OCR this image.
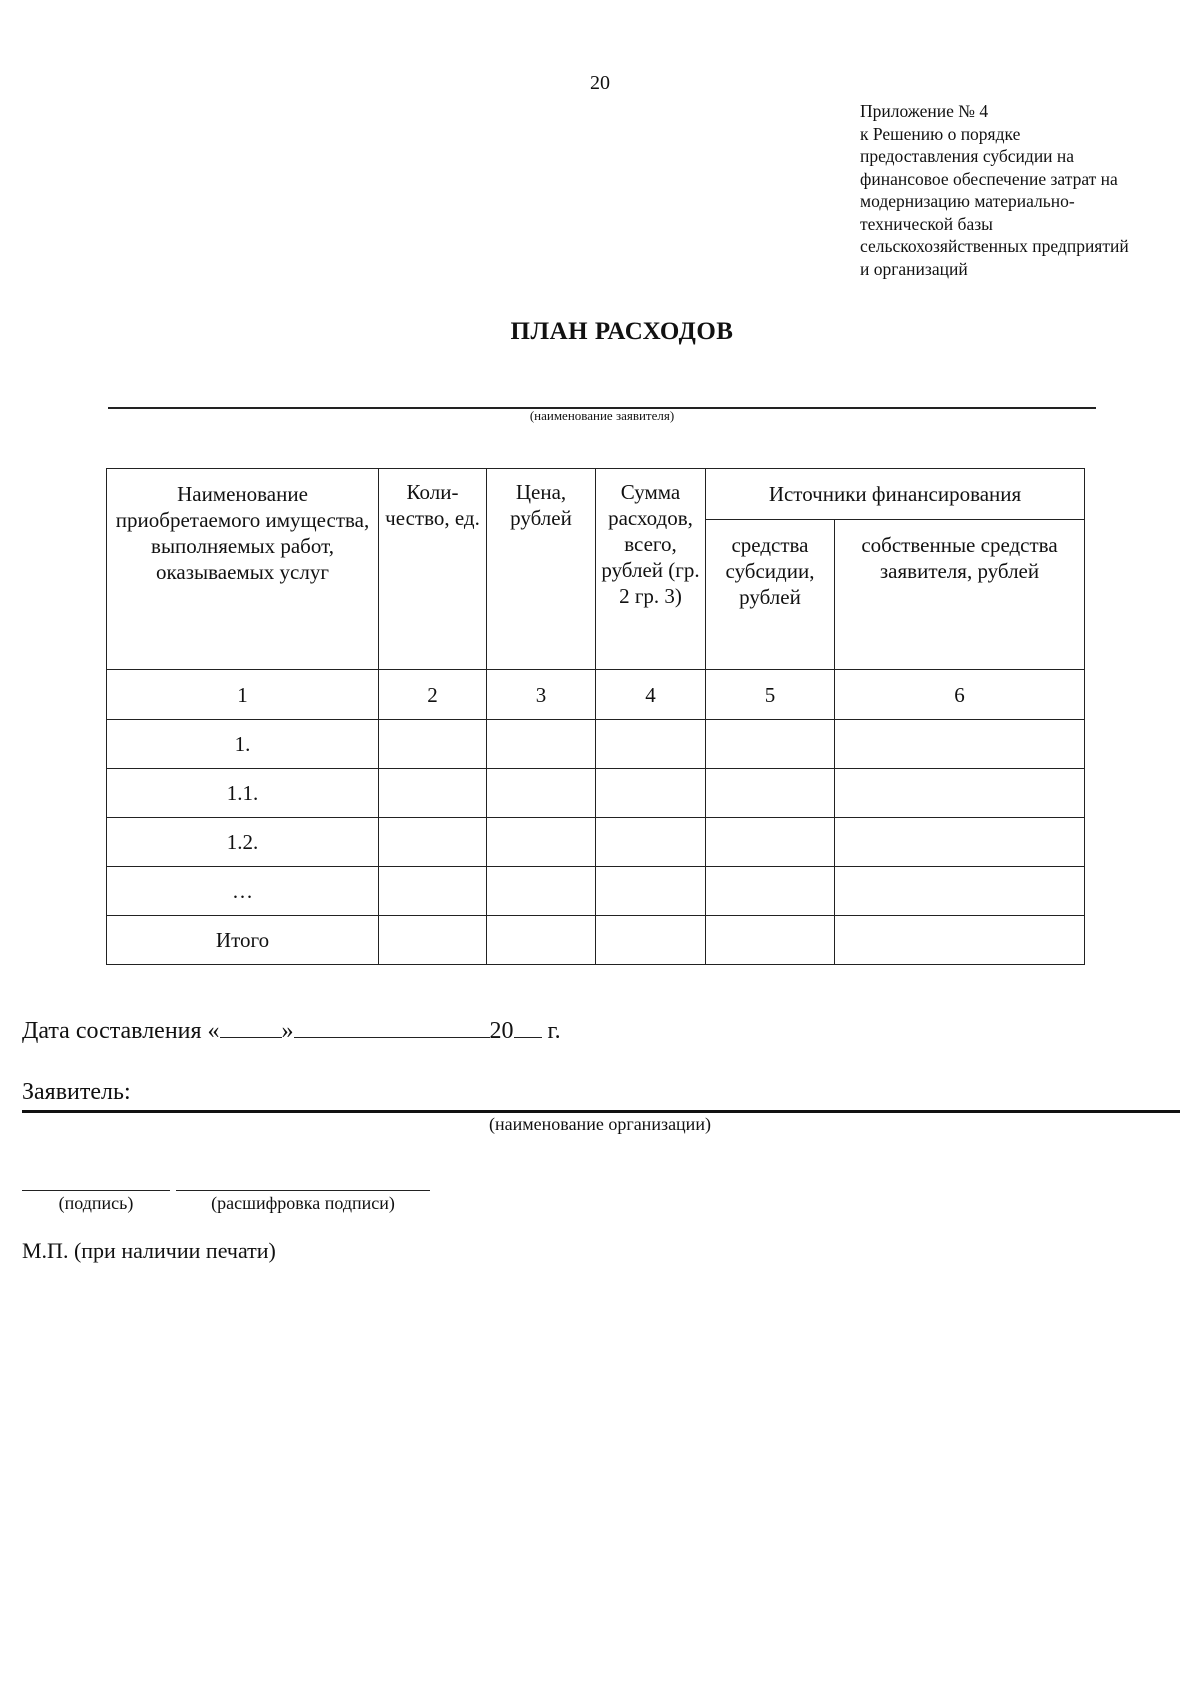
20
Приложение № 4
к Решению о порядке
предоставления субсидии на
финансовое обеспечение затрат на
модернизацию материально-
технической базы
сельскохозяйственных предприятий
и организаций
ПЛАН РАСХОДОВ
(наименование заявителя)
Наименование приобретаемого имущества, выполняемых работ, оказываемых услуг	Коли-чество, ед.	Цена, рублей	Сумма расходов, всего, рублей (гр. 2 гр. 3)	Источники финансирования	
				средства субсидии, рублей	собственные средства заявителя, рублей
1	2	3	4	5	6
1.					
1.1.					
1.2.					
…					
Итого					
Дата составления «	»	20 г.
Заявитель:
(наименование организации)
(подпись)	(расшифровка подписи)
М.П. (при наличии печати)
